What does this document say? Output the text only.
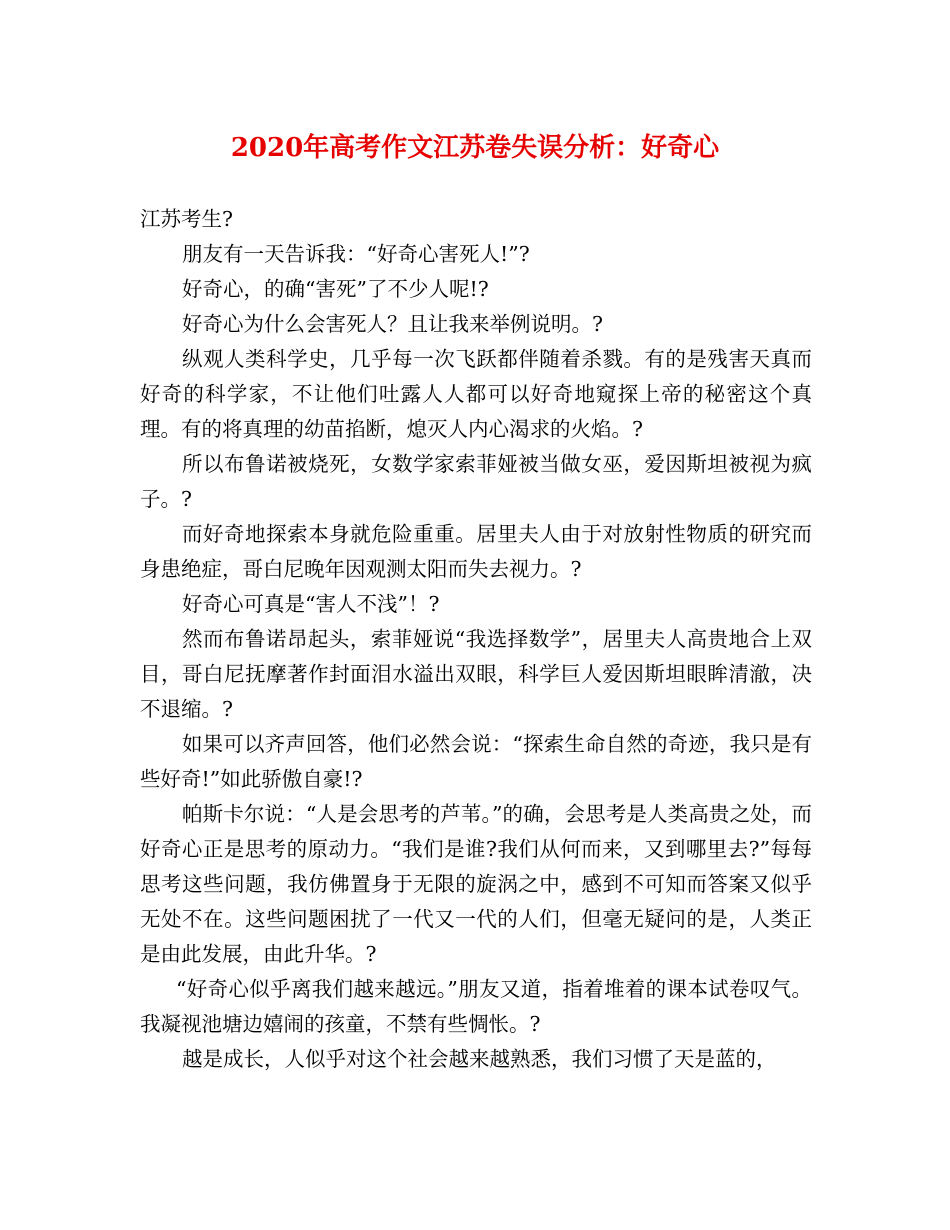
2020年高考作文江苏卷失误分析：好奇心

江苏考生?

朋友有一天告诉我：“好奇心害死人!”?

好奇心，的确“害死”了不少人呢!?

好奇心为什么会害死人？且让我来举例说明。?

纵观人类科学史，几乎每一次飞跃都伴随着杀戮。有的是残害天真而好奇的科学家，不让他们吐露人人都可以好奇地窥探上帝的秘密这个真理。有的将真理的幼苗掐断，熄灭人内心渴求的火焰。?

所以布鲁诺被烧死，女数学家索菲娅被当做女巫，爱因斯坦被视为疯子。?

而好奇地探索本身就危险重重。居里夫人由于对放射性物质的研究而身患绝症，哥白尼晚年因观测太阳而失去视力。?

好奇心可真是“害人不浅”！?

然而布鲁诺昂起头，索菲娅说“我选择数学”，居里夫人高贵地合上双目，哥白尼抚摩著作封面泪水溢出双眼，科学巨人爱因斯坦眼眸清澈，决不退缩。?

如果可以齐声回答，他们必然会说：“探索生命自然的奇迹，我只是有些好奇!”如此骄傲自豪!?

帕斯卡尔说：“人是会思考的芦苇。”的确，会思考是人类高贵之处，而好奇心正是思考的原动力。“我们是谁?我们从何而来，又到哪里去?”每每思考这些问题，我仿佛置身于无限的旋涡之中，感到不可知而答案又似乎无处不在。这些问题困扰了一代又一代的人们，但毫无疑问的是，人类正是由此发展，由此升华。?

“好奇心似乎离我们越来越远。”朋友又道，指着堆着的课本试卷叹气。我凝视池塘边嬉闹的孩童，不禁有些惆怅。?

越是成长，人似乎对这个社会越来越熟悉，我们习惯了天是蓝的，
